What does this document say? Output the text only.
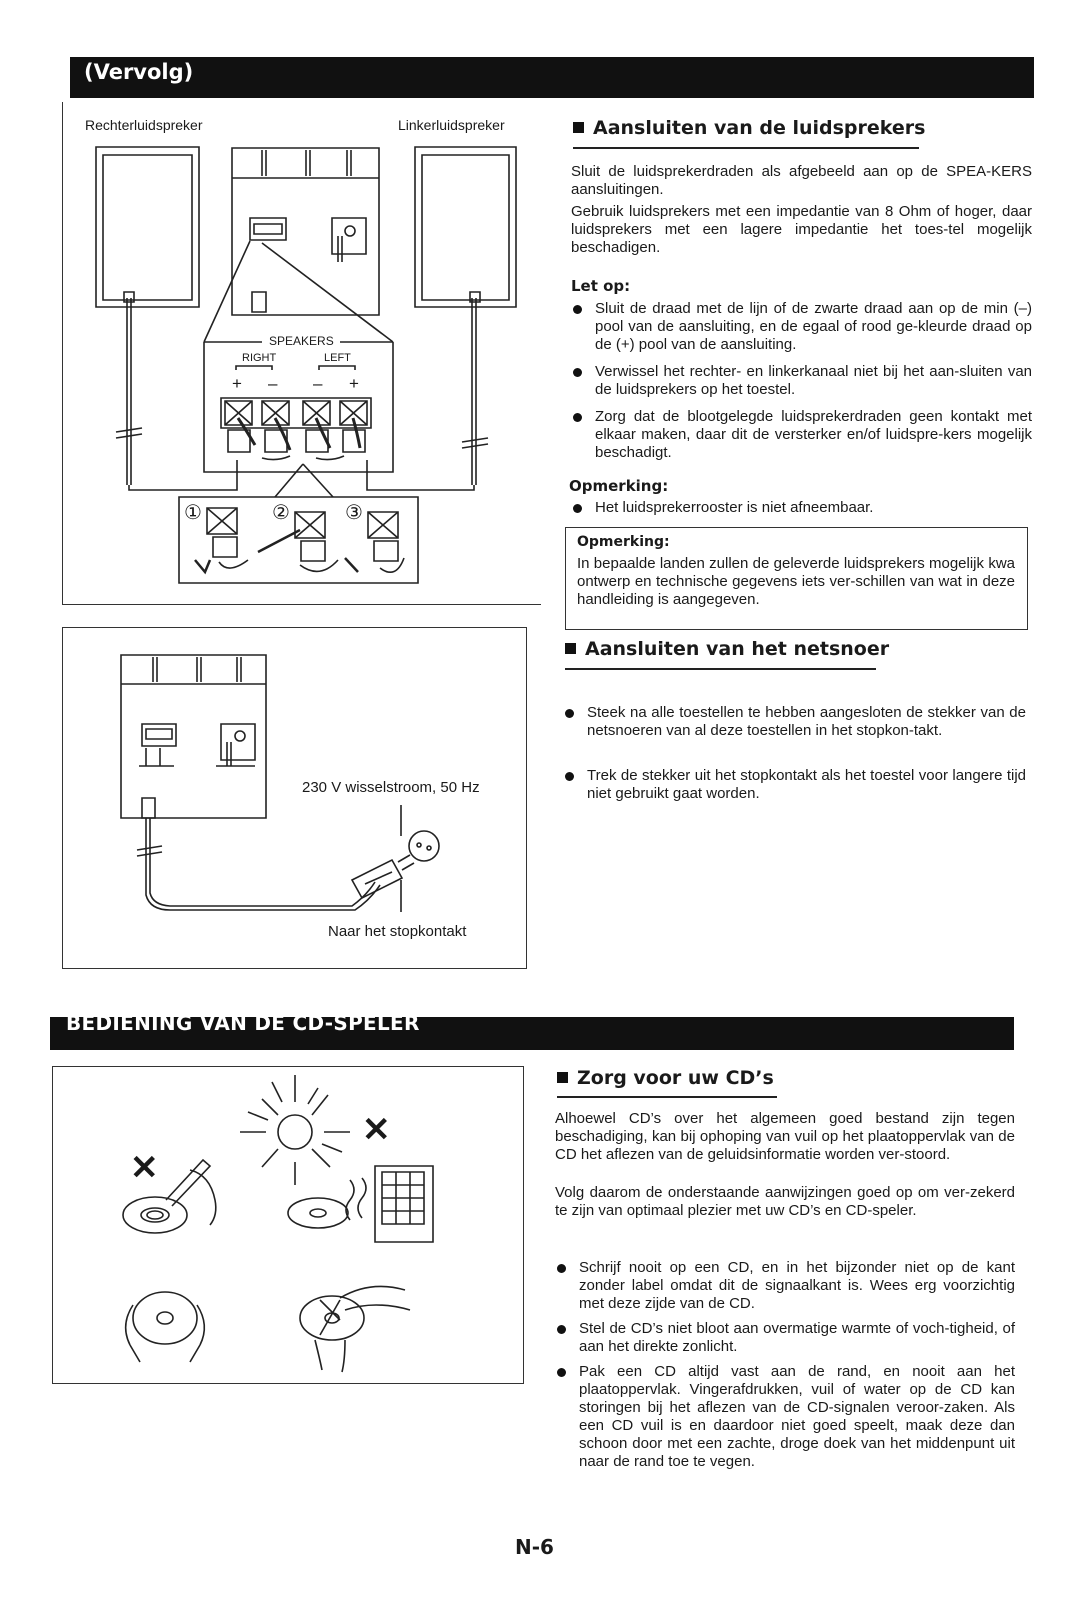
(Vervolg)
Rechterluidspreker	Linkerluidspreker
SPEAKERS
RIGHT	LEFT
+ – – +
①	②	③
Aansluiten van de luidsprekers
Sluit de luidsprekerdraden als afgebeeld aan op de SPEA-KERS aansluitingen.
Gebruik luidsprekers met een impedantie van 8 Ohm of hoger, daar luidsprekers met een lagere impedantie het toes-tel mogelijk beschadigen.
Let op:
Sluit de draad met de lijn of de zwarte draad aan op de min (–) pool van de aansluiting, en de egaal of rood ge-kleurde draad op de (+) pool van de aansluiting.
Verwissel het rechter- en linkerkanaal niet bij het aan-sluiten van de luidsprekers op het toestel.
Zorg dat de blootgelegde luidsprekerdraden geen kontakt met elkaar maken, daar dit de versterker en/of luidspre-kers mogelijk beschadigt.
Opmerking:
Het luidsprekerrooster is niet afneembaar.
Opmerking:
In bepaalde landen zullen de geleverde luidsprekers mogelijk kwa ontwerp en technische gegevens iets ver-schillen van wat in deze handleiding is aangegeven.
230 V wisselstroom, 50 Hz
Naar het stopkontakt
Aansluiten van het netsnoer
Steek na alle toestellen te hebben aangesloten de stekker van de netsnoeren van al deze toestellen in het stopkon-takt.
Trek de stekker uit het stopkontakt als het toestel voor langere tijd niet gebruikt gaat worden.
BEDIENING VAN DE CD-SPELER
✕
✕
Zorg voor uw CD’s
Alhoewel CD’s over het algemeen goed bestand zijn tegen beschadiging, kan bij ophoping van vuil op het plaatoppervlak van de CD het aflezen van de geluidsinformatie worden ver-stoord.
Volg daarom de onderstaande aanwijzingen goed op om ver-zekerd te zijn van optimaal plezier met uw CD’s en CD-speler.
Schrijf nooit op een CD, en in het bijzonder niet op de kant zonder label omdat dit de signaalkant is. Wees erg voorzichtig met deze zijde van de CD.
Stel de CD’s niet bloot aan overmatige warmte of voch-tigheid, of aan het direkte zonlicht.
Pak een CD altijd vast aan de rand, en nooit aan het plaatoppervlak. Vingerafdrukken, vuil of water op de CD kan storingen bij het aflezen van de CD-signalen veroor-zaken. Als een CD vuil is en daardoor niet goed speelt, maak deze dan schoon door met een zachte, droge doek van het middenpunt uit naar de rand toe te vegen.
N-6
